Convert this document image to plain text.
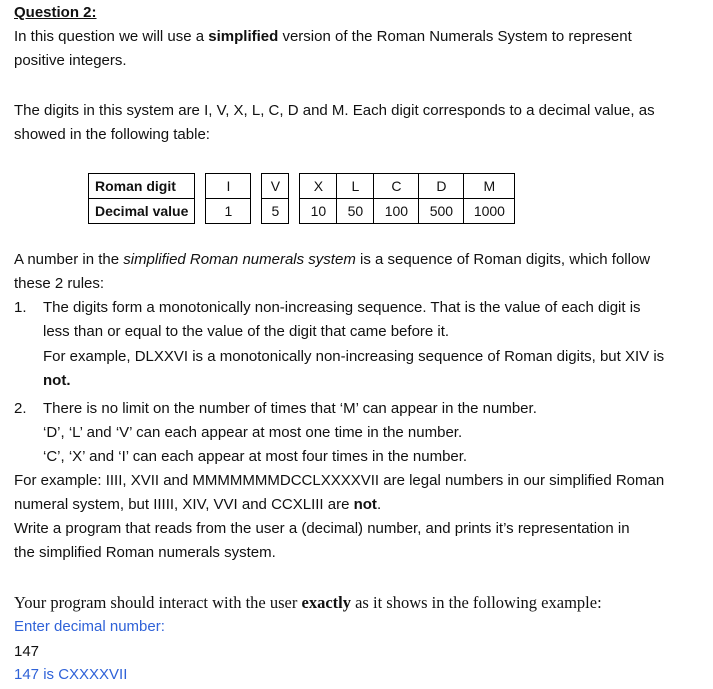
Question 2:
In this question we will use a simplified version of the Roman Numerals System to represent
positive integers.
The digits in this system are I, V, X, L, C, D and M. Each digit corresponds to a decimal value, as
showed in the following table:
Roman digit		I		V		X	L	C	D	M
Decimal value		1		5		10	50	100	500	1000
A number in the simplified Roman numerals system is a sequence of Roman digits, which follow
these 2 rules:
1. The digits form a monotonically non-increasing sequence. That is the value of each digit is
less than or equal to the value of the digit that came before it.
For example, DLXXVI is a monotonically non-increasing sequence of Roman digits, but XIV is
not.
2. There is no limit on the number of times that ‘M’ can appear in the number.
‘D’, ‘L’ and ‘V’ can each appear at most one time in the number.
‘C’, ‘X’ and ‘I’ can each appear at most four times in the number.
For example: IIII, XVII and MMMMMMMDCCLXXXXVII are legal numbers in our simplified Roman
numeral system, but IIIII, XIV, VVI and CCXLIII are not.
Write a program that reads from the user a (decimal) number, and prints it’s representation in
the simplified Roman numerals system.
Your program should interact with the user exactly as it shows in the following example:
Enter decimal number:
147
147 is CXXXXVII
